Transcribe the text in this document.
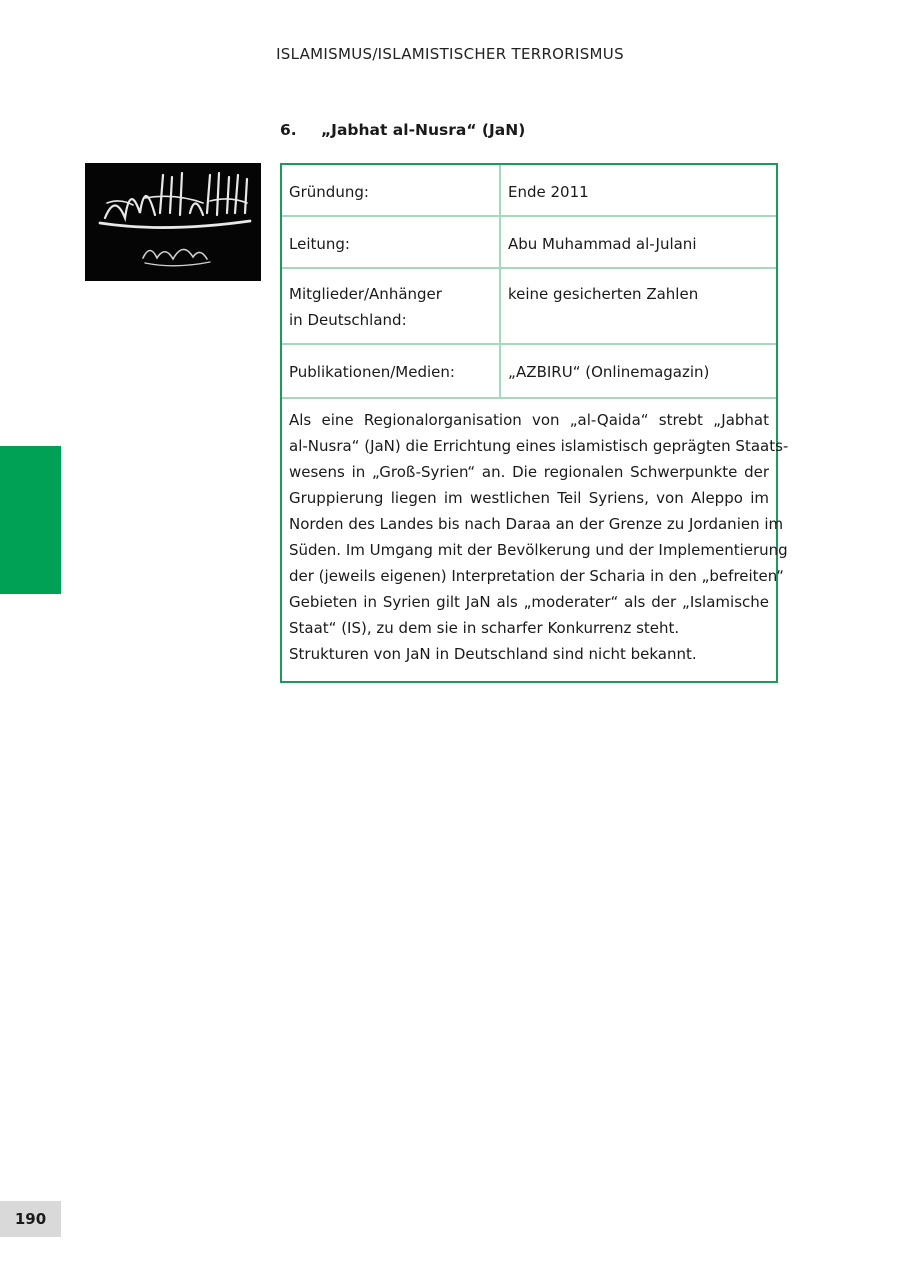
ISLAMISMUS/ISLAMISTISCHER TERRORISMUS
6. „Jabhat al-Nusra“ (JaN)
Gründung:	Ende 2011
Leitung:	Abu Muhammad al-Julani

Mitglieder/Anhänger
in Deutschland:	keine gesicherten Zahlen
Publikationen/Medien:	„AZBIRU“ (Onlinemagazin)
Als eine Regionalorganisation von „al-Qaida“ strebt „Jabhat
al-Nusra“ (JaN) die Errichtung eines islamistisch geprägten Staats-
wesens in „Groß-Syrien“ an. Die regionalen Schwerpunkte der
Gruppierung liegen im westlichen Teil Syriens, von Aleppo im
Norden des Landes bis nach Daraa an der Grenze zu Jordanien im
Süden. Im Umgang mit der Bevölkerung und der Implementierung
der (jeweils eigenen) Interpretation der Scharia in den „befreiten“
Gebieten in Syrien gilt JaN als „moderater“ als der „Islamische
Staat“ (IS), zu dem sie in scharfer Konkurrenz steht.
Strukturen von JaN in Deutschland sind nicht bekannt.
190
